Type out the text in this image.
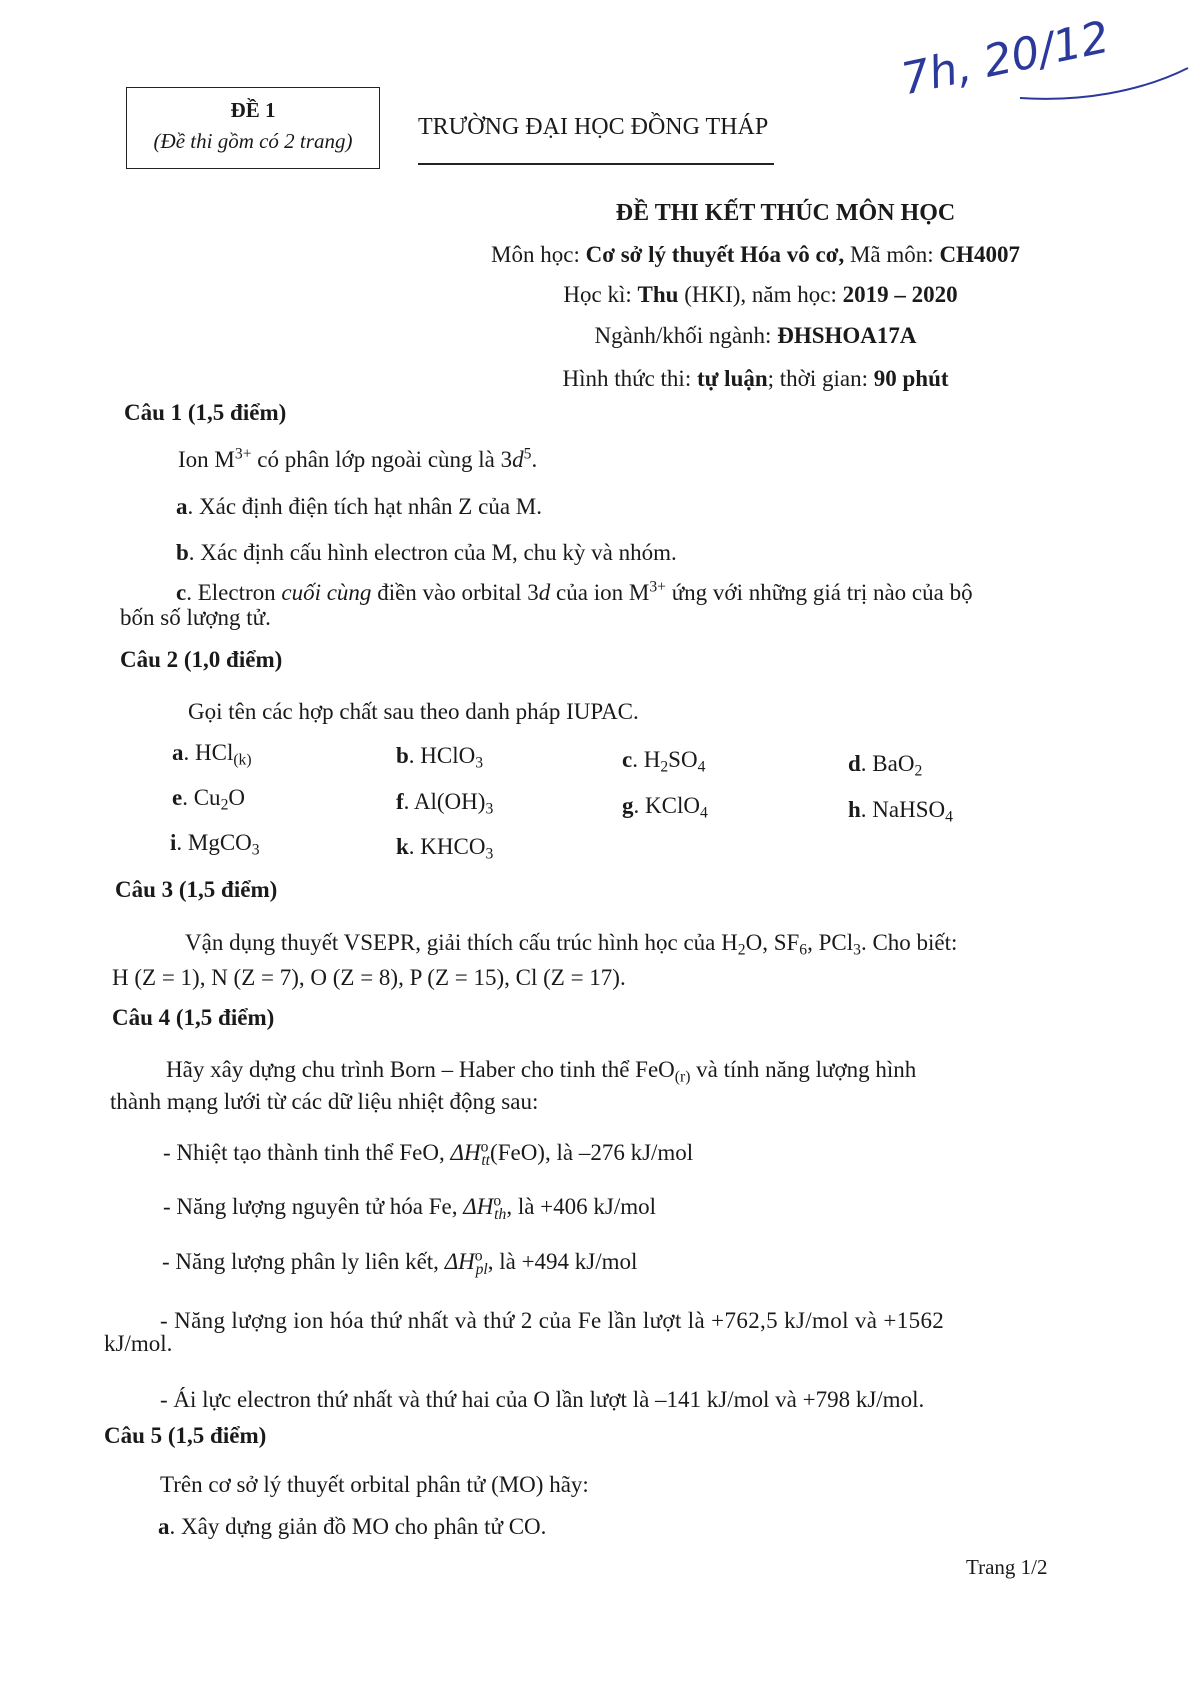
7h, 20/12
ĐỀ 1
(Đề thi gồm có 2 trang)
TRƯỜNG ĐẠI HỌC ĐỒNG THÁP
ĐỀ THI KẾT THÚC MÔN HỌC
Môn học: Cơ sở lý thuyết Hóa vô cơ, Mã môn: CH4007
Học kì: Thu (HKI), năm học: 2019 – 2020
Ngành/khối ngành: ĐHSHOA17A
Hình thức thi: tự luận; thời gian: 90 phút
Câu 1 (1,5 điểm)
Ion $M^{3+}$ có phân lớp ngoài cùng là $3d^5$.
a. Xác định điện tích hạt nhân Z của M.
b. Xác định cấu hình electron của M, chu kỳ và nhóm.
c. Electron cuối cùng điền vào orbital 3d của ion $M^{3+}$ ứng với những giá trị nào của bộ
bốn số lượng tử.
Câu 2 (1,0 điểm)
Gọi tên các hợp chất sau theo danh pháp IUPAC.
a. HCl$_{(k)}$	b. HClO$_3$	c. $H_2SO_4$	d. BaO$_2$
e. $Cu_2O$	f. $Al(OH)_3$	g. KClO$_4$	h. NaHSO$_4$
i. MgCO$_3$	k. $KHCO_3$
Câu 3 (1,5 điểm)
Vận dụng thuyết VSEPR, giải thích cấu trúc hình học của $H_2O$, $SF_6$, PCl$_3$. Cho biết:
H (Z = 1), N (Z = 7), O (Z = 8), P (Z = 15), Cl (Z = 17).
Câu 4 (1,5 điểm)
Hãy xây dựng chu trình Born – Haber cho tinh thể FeO$_{(r)}$ và tính năng lượng hình
thành mạng lưới từ các dữ liệu nhiệt động sau:
- Nhiệt tạo thành tinh thể FeO, $\Delta H^o_{tt}(FeO)$, là –276 kJ/mol
- Năng lượng nguyên tử hóa Fe, $\Delta H^o_{th}$, là +406 kJ/mol
- Năng lượng phân ly liên kết, $\Delta H^o_{pl}$, là +494 kJ/mol
- Năng lượng ion hóa thứ nhất và thứ 2 của Fe lần lượt là +762,5 kJ/mol và +1562
kJ/mol.
- Ái lực electron thứ nhất và thứ hai của O lần lượt là –141 kJ/mol và +798 kJ/mol.
Câu 5 (1,5 điểm)
Trên cơ sở lý thuyết orbital phân tử (MO) hãy:
a. Xây dựng giản đồ MO cho phân tử CO.
Trang 1/2
